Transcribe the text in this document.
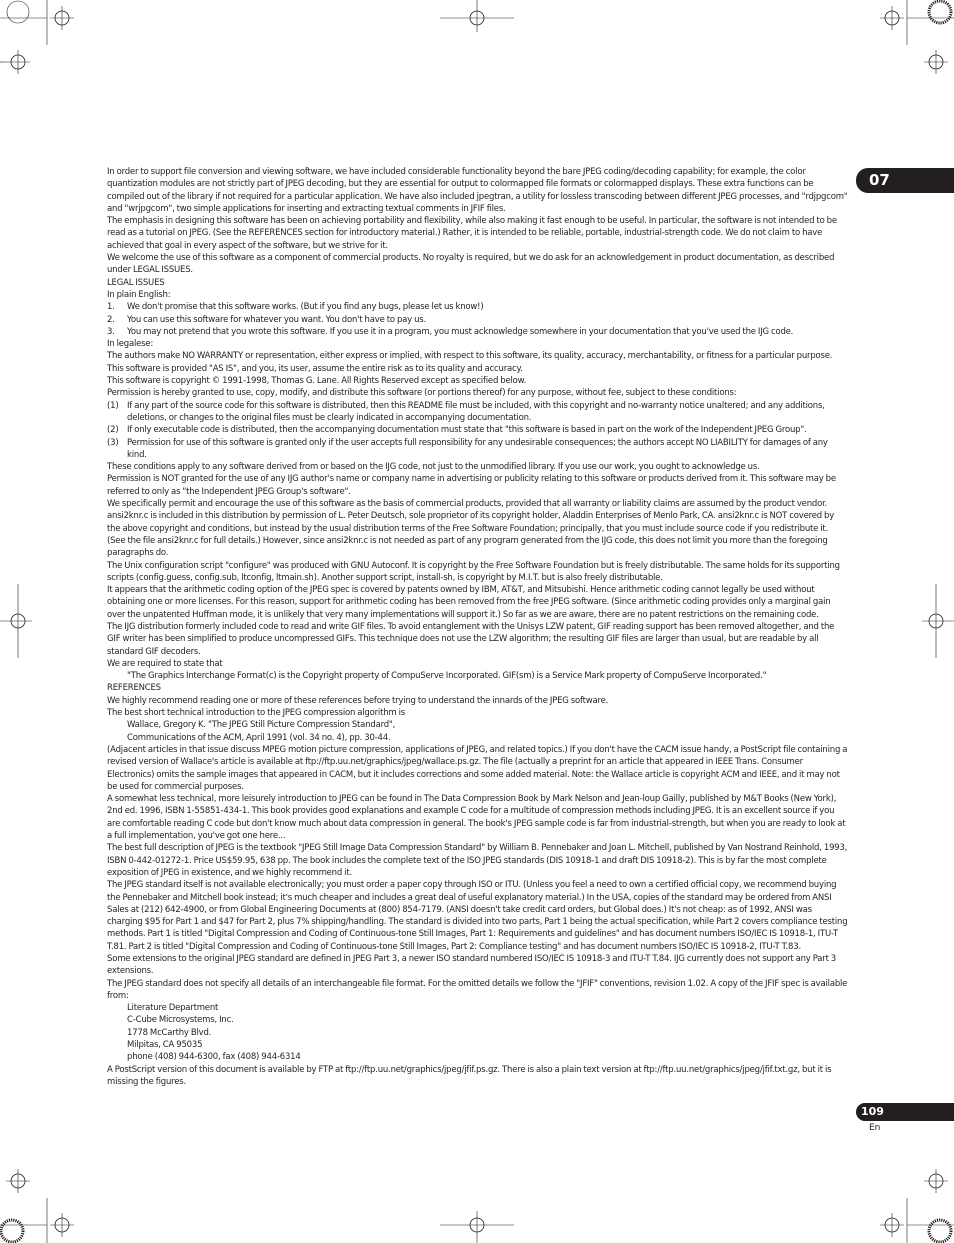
07
109
En

In order to support file conversion and viewing software, we have included considerable functionality beyond the bare JPEG coding/decoding capability; for example, the color quantization modules are not strictly part of JPEG decoding, but they are essential for output to colormapped file formats or colormapped displays. These extra functions can be compiled out of the library if not required for a particular application. We have also included jpegtran, a utility for lossless transcoding between different JPEG processes, and "rdjpgcom" and "wrjpgcom", two simple applications for inserting and extracting textual comments in JFIF files.

The emphasis in designing this software has been on achieving portability and flexibility, while also making it fast enough to be useful. In particular, the software is not intended to be read as a tutorial on JPEG. (See the REFERENCES section for introductory material.) Rather, it is intended to be reliable, portable, industrial-strength code. We do not claim to have achieved that goal in every aspect of the software, but we strive for it.

We welcome the use of this software as a component of commercial products. No royalty is required, but we do ask for an acknowledgement in product documentation, as described under LEGAL ISSUES.

LEGAL ISSUES

In plain English:

1.	We don't promise that this software works. (But if you find any bugs, please let us know!)
2.	You can use this software for whatever you want. You don't have to pay us.
3.	You may not pretend that you wrote this software. If you use it in a program, you must acknowledge somewhere in your documentation that you've used the IJG code.

In legalese:

The authors make NO WARRANTY or representation, either express or implied, with respect to this software, its quality, accuracy, merchantability, or fitness for a particular purpose. This software is provided "AS IS", and you, its user, assume the entire risk as to its quality and accuracy.

This software is copyright © 1991-1998, Thomas G. Lane. All Rights Reserved except as specified below.

Permission is hereby granted to use, copy, modify, and distribute this software (or portions thereof) for any purpose, without fee, subject to these conditions:

(1)	If any part of the source code for this software is distributed, then this README file must be included, with this copyright and no-warranty notice unaltered; and any additions, deletions, or changes to the original files must be clearly indicated in accompanying documentation.
(2)	If only executable code is distributed, then the accompanying documentation must state that "this software is based in part on the work of the Independent JPEG Group".
(3)	Permission for use of this software is granted only if the user accepts full responsibility for any undesirable consequences; the authors accept NO LIABILITY for damages of any kind.

These conditions apply to any software derived from or based on the IJG code, not just to the unmodified library. If you use our work, you ought to acknowledge us.

Permission is NOT granted for the use of any IJG author's name or company name in advertising or publicity relating to this software or products derived from it. This software may be referred to only as "the Independent JPEG Group's software".

We specifically permit and encourage the use of this software as the basis of commercial products, provided that all warranty or liability claims are assumed by the product vendor.

ansi2knr.c is included in this distribution by permission of L. Peter Deutsch, sole proprietor of its copyright holder, Aladdin Enterprises of Menlo Park, CA. ansi2knr.c is NOT covered by the above copyright and conditions, but instead by the usual distribution terms of the Free Software Foundation; principally, that you must include source code if you redistribute it. (See the file ansi2knr.c for full details.) However, since ansi2knr.c is not needed as part of any program generated from the IJG code, this does not limit you more than the foregoing paragraphs do.

The Unix configuration script "configure" was produced with GNU Autoconf. It is copyright by the Free Software Foundation but is freely distributable. The same holds for its supporting scripts (config.guess, config.sub, ltconfig, ltmain.sh). Another support script, install-sh, is copyright by M.I.T. but is also freely distributable.

It appears that the arithmetic coding option of the JPEG spec is covered by patents owned by IBM, AT&T, and Mitsubishi. Hence arithmetic coding cannot legally be used without obtaining one or more licenses. For this reason, support for arithmetic coding has been removed from the free JPEG software. (Since arithmetic coding provides only a marginal gain over the unpatented Huffman mode, it is unlikely that very many implementations will support it.) So far as we are aware, there are no patent restrictions on the remaining code.

The IJG distribution formerly included code to read and write GIF files. To avoid entanglement with the Unisys LZW patent, GIF reading support has been removed altogether, and the GIF writer has been simplified to produce uncompressed GIFs. This technique does not use the LZW algorithm; the resulting GIF files are larger than usual, but are readable by all standard GIF decoders.

We are required to state that

"The Graphics Interchange Format(c) is the Copyright property of CompuServe Incorporated. GIF(sm) is a Service Mark property of CompuServe Incorporated."

REFERENCES

We highly recommend reading one or more of these references before trying to understand the innards of the JPEG software.

The best short technical introduction to the JPEG compression algorithm is

Wallace, Gregory K. "The JPEG Still Picture Compression Standard",

Communications of the ACM, April 1991 (vol. 34 no. 4), pp. 30-44.

(Adjacent articles in that issue discuss MPEG motion picture compression, applications of JPEG, and related topics.) If you don't have the CACM issue handy, a PostScript file containing a revised version of Wallace's article is available at ftp://ftp.uu.net/graphics/jpeg/wallace.ps.gz. The file (actually a preprint for an article that appeared in IEEE Trans. Consumer Electronics) omits the sample images that appeared in CACM, but it includes corrections and some added material. Note: the Wallace article is copyright ACM and IEEE, and it may not be used for commercial purposes.

A somewhat less technical, more leisurely introduction to JPEG can be found in The Data Compression Book by Mark Nelson and Jean-loup Gailly, published by M&T Books (New York), 2nd ed. 1996, ISBN 1-55851-434-1. This book provides good explanations and example C code for a multitude of compression methods including JPEG. It is an excellent source if you are comfortable reading C code but don't know much about data compression in general. The book's JPEG sample code is far from industrial-strength, but when you are ready to look at a full implementation, you've got one here...

The best full description of JPEG is the textbook "JPEG Still Image Data Compression Standard" by William B. Pennebaker and Joan L. Mitchell, published by Van Nostrand Reinhold, 1993, ISBN 0-442-01272-1. Price US$59.95, 638 pp. The book includes the complete text of the ISO JPEG standards (DIS 10918-1 and draft DIS 10918-2). This is by far the most complete exposition of JPEG in existence, and we highly recommend it.

The JPEG standard itself is not available electronically; you must order a paper copy through ISO or ITU. (Unless you feel a need to own a certified official copy, we recommend buying the Pennebaker and Mitchell book instead; it's much cheaper and includes a great deal of useful explanatory material.) In the USA, copies of the standard may be ordered from ANSI Sales at (212) 642-4900, or from Global Engineering Documents at (800) 854-7179. (ANSI doesn't take credit card orders, but Global does.) It's not cheap: as of 1992, ANSI was charging $95 for Part 1 and $47 for Part 2, plus 7% shipping/handling. The standard is divided into two parts, Part 1 being the actual specification, while Part 2 covers compliance testing methods. Part 1 is titled "Digital Compression and Coding of Continuous-tone Still Images, Part 1: Requirements and guidelines" and has document numbers ISO/IEC IS 10918-1, ITU-T T.81. Part 2 is titled "Digital Compression and Coding of Continuous-tone Still Images, Part 2: Compliance testing" and has document numbers ISO/IEC IS 10918-2, ITU-T T.83.

Some extensions to the original JPEG standard are defined in JPEG Part 3, a newer ISO standard numbered ISO/IEC IS 10918-3 and ITU-T T.84. IJG currently does not support any Part 3 extensions.

The JPEG standard does not specify all details of an interchangeable file format. For the omitted details we follow the "JFIF" conventions, revision 1.02. A copy of the JFIF spec is available from:

Literature Department

C-Cube Microsystems, Inc.

1778 McCarthy Blvd.

Milpitas, CA 95035

phone (408) 944-6300, fax (408) 944-6314

A PostScript version of this document is available by FTP at ftp://ftp.uu.net/graphics/jpeg/jfif.ps.gz. There is also a plain text version at ftp://ftp.uu.net/graphics/jpeg/jfif.txt.gz, but it is missing the figures.
